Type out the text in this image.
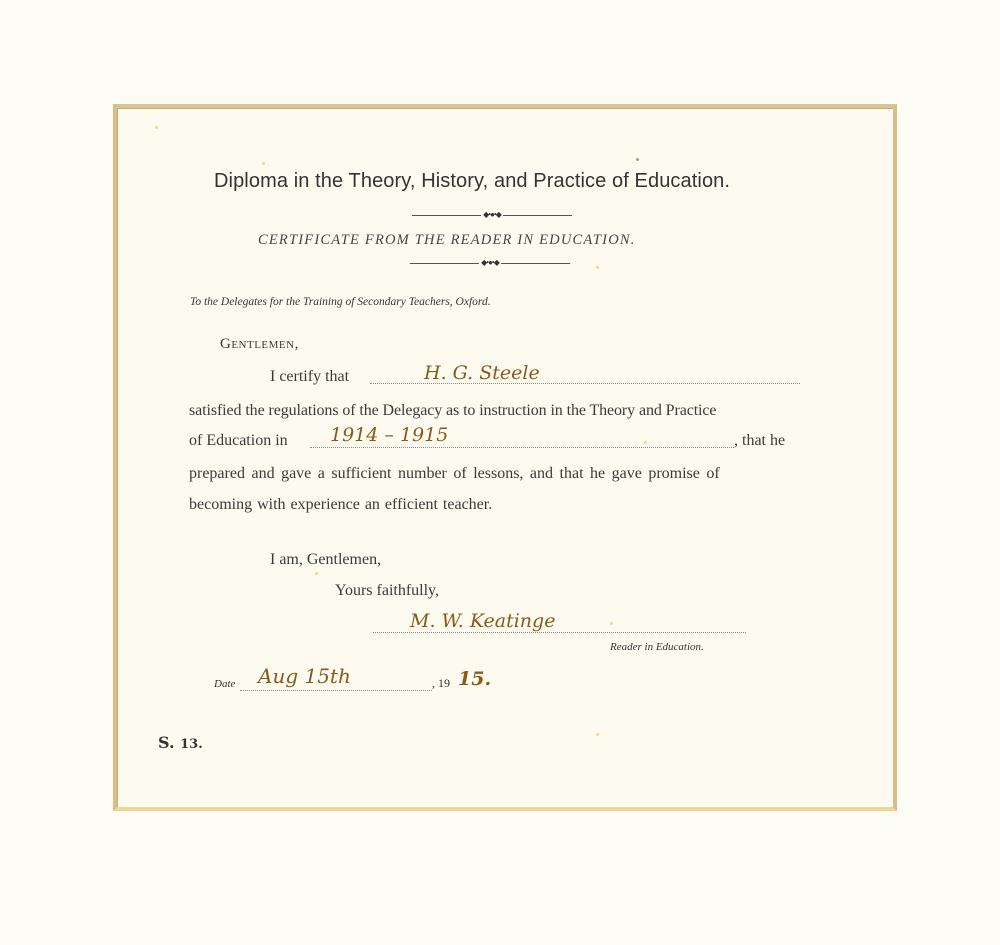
Diploma in the Theory, History, and Practice of Education.
◆•●•◆
CERTIFICATE FROM THE READER IN EDUCATION.
◆•●•◆
To the Delegates for the Training of Secondary Teachers, Oxford.
Gentlemen,
I certify that	H. G. Steele
satisfied the regulations of the Delegacy as to instruction in the Theory and Practice
of Education in 1914 – 1915	, that he
prepared and gave a sufficient number of lessons, and that he gave promise of
becoming with experience an efficient teacher.
I am, Gentlemen,
Yours faithfully,
M. W. Keatinge
Reader in Education.
Date Aug 15th	, 19 15.
S. 13.
